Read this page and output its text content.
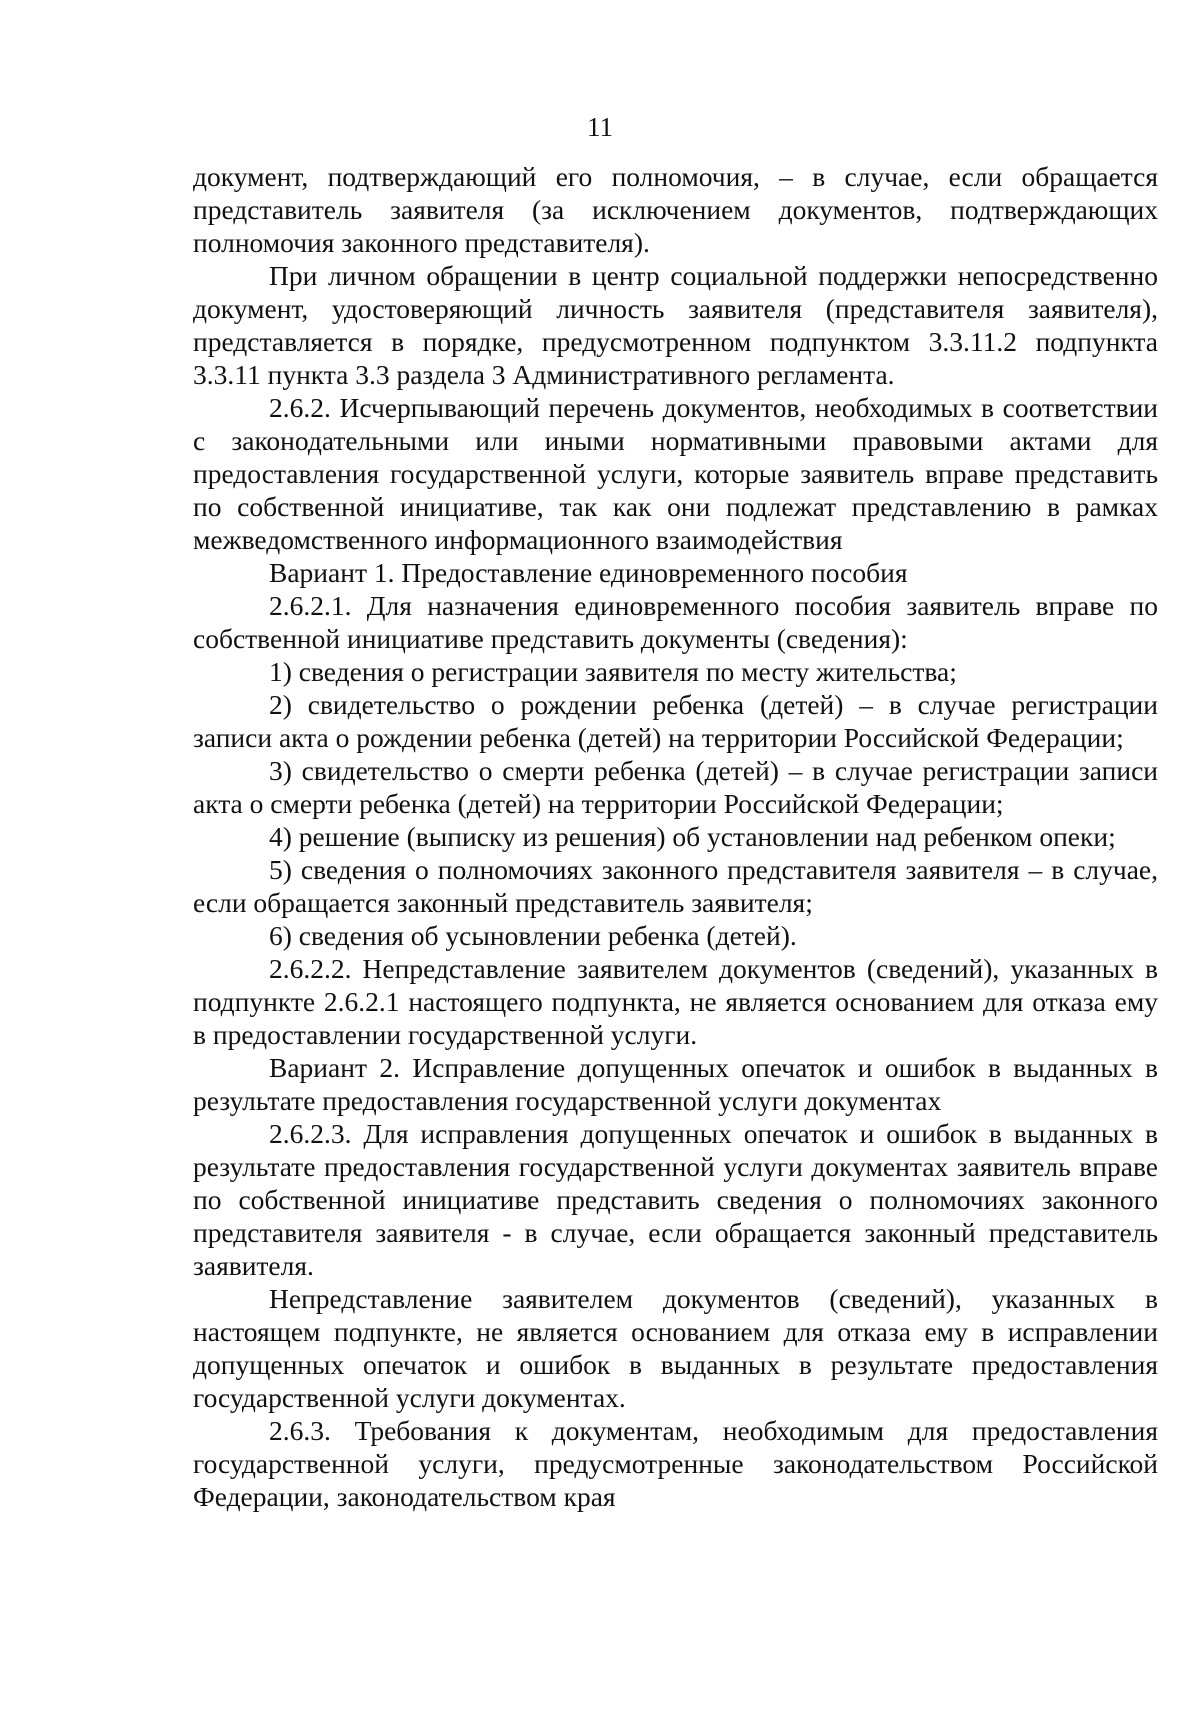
11

документ, подтверждающий его полномочия, – в случае, если обращается представитель заявителя (за исключением документов, подтверждающих полномочия законного представителя).

При личном обращении в центр социальной поддержки непосредственно документ, удостоверяющий личность заявителя (представителя заявителя), представляется в порядке, предусмотренном подпунктом 3.3.11.2 подпункта 3.3.11 пункта 3.3 раздела 3 Административного регламента.

2.6.2. Исчерпывающий перечень документов, необходимых в соответствии с законодательными или иными нормативными правовыми актами для предоставления государственной услуги, которые заявитель вправе представить по собственной инициативе, так как они подлежат представлению в рамках межведомственного информационного взаимодействия

Вариант 1. Предоставление единовременного пособия

2.6.2.1. Для назначения единовременного пособия заявитель вправе по собственной инициативе представить документы (сведения):

1) сведения о регистрации заявителя по месту жительства;

2) свидетельство о рождении ребенка (детей) – в случае регистрации записи акта о рождении ребенка (детей) на территории Российской Федерации;

3) свидетельство о смерти ребенка (детей) – в случае регистрации записи акта о смерти ребенка (детей) на территории Российской Федерации;

4) решение (выписку из решения) об установлении над ребенком опеки;

5) сведения о полномочиях законного представителя заявителя – в случае, если обращается законный представитель заявителя;

6) сведения об усыновлении ребенка (детей).

2.6.2.2. Непредставление заявителем документов (сведений), указанных в подпункте 2.6.2.1 настоящего подпункта, не является основанием для отказа ему в предоставлении государственной услуги.

Вариант 2. Исправление допущенных опечаток и ошибок в выданных в результате предоставления государственной услуги документах

2.6.2.3. Для исправления допущенных опечаток и ошибок в выданных в результате предоставления государственной услуги документах заявитель вправе по собственной инициативе представить сведения о полномочиях законного представителя заявителя - в случае, если обращается законный представитель заявителя.

Непредставление заявителем документов (сведений), указанных в настоящем подпункте, не является основанием для отказа ему в исправлении допущенных опечаток и ошибок в выданных в результате предоставления государственной услуги документах.

2.6.3. Требования к документам, необходимым для предоставления государственной услуги, предусмотренные законодательством Российской Федерации, законодательством края
